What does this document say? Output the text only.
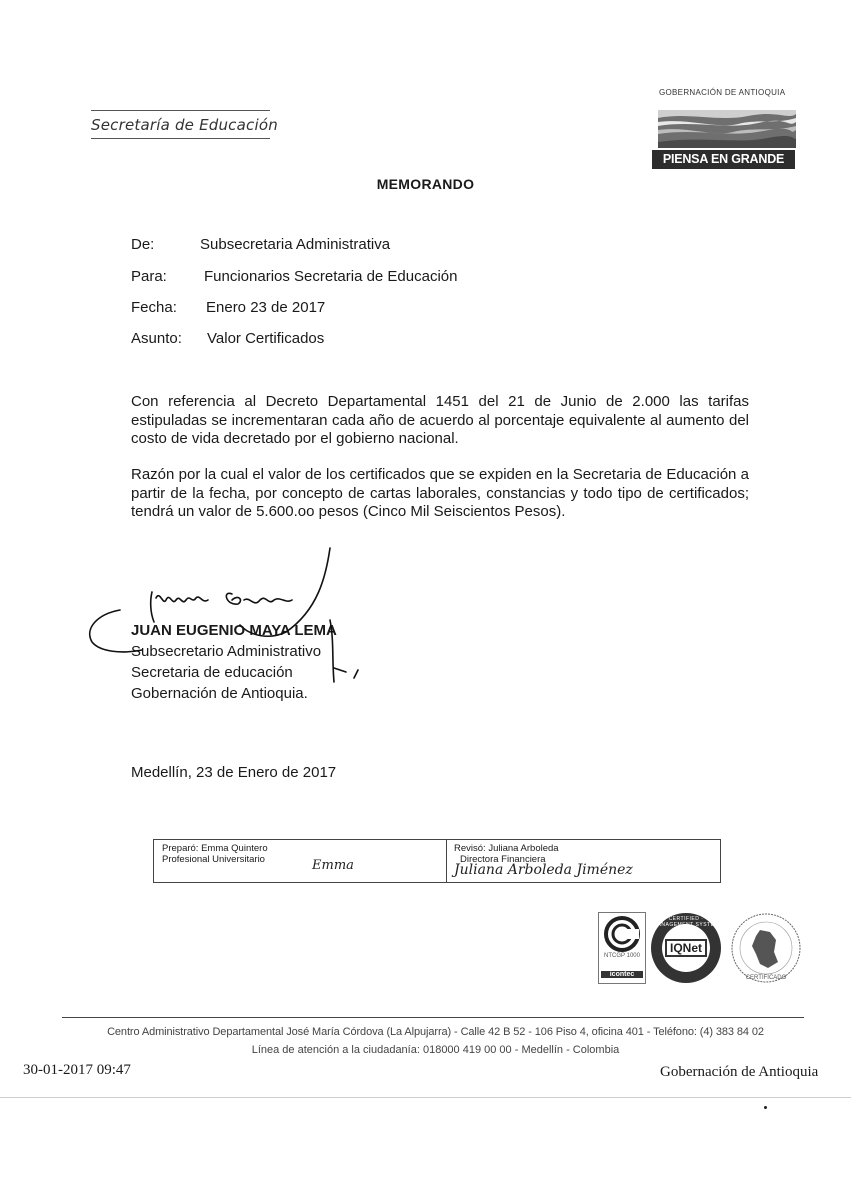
Secretaría de Educación
GOBERNACIÓN DE ANTIOQUIA
PIENSA EN GRANDE
MEMORANDO
De:	Subsecretaria Administrativa
Para: Funcionarios Secretaria de Educación
Fecha: Enero 23 de 2017
Asunto: Valor Certificados
Con referencia al Decreto Departamental 1451 del 21 de Junio de 2.000 las tarifas estipuladas se incrementaran cada año de acuerdo al porcentaje equivalente al aumento del costo de vida decretado por el gobierno nacional.
Razón por la cual el valor de los certificados que se expiden en la Secretaria de Educación a partir de la fecha, por concepto de cartas laborales, constancias y todo tipo de certificados; tendrá un valor de 5.600.oo pesos (Cinco Mil Seiscientos Pesos).
JUAN EUGENIO MAYA LEMA
Subsecretario Administrativo
Secretaria de educación
Gobernación de Antioquia.
Medellín, 23 de Enero de 2017
Preparó: Emma Quintero
Profesional Universitario
Revisó: Juliana Arboleda
Directora Financiera
Emma	Juliana Arboleda Jiménez
NTCGP 1000
icontec
IQNet
CERTIFIED · MANAGEMENT SYSTEM
CERTIFICADO
Centro Administrativo Departamental José María Córdova (La Alpujarra) - Calle 42 B 52 - 106 Piso 4, oficina 401 - Teléfono: (4) 383 84 02
Línea de atención a la ciudadanía: 018000 419 00 00 - Medellín - Colombia
30-01-2017 09:47	Gobernación de Antioquia
